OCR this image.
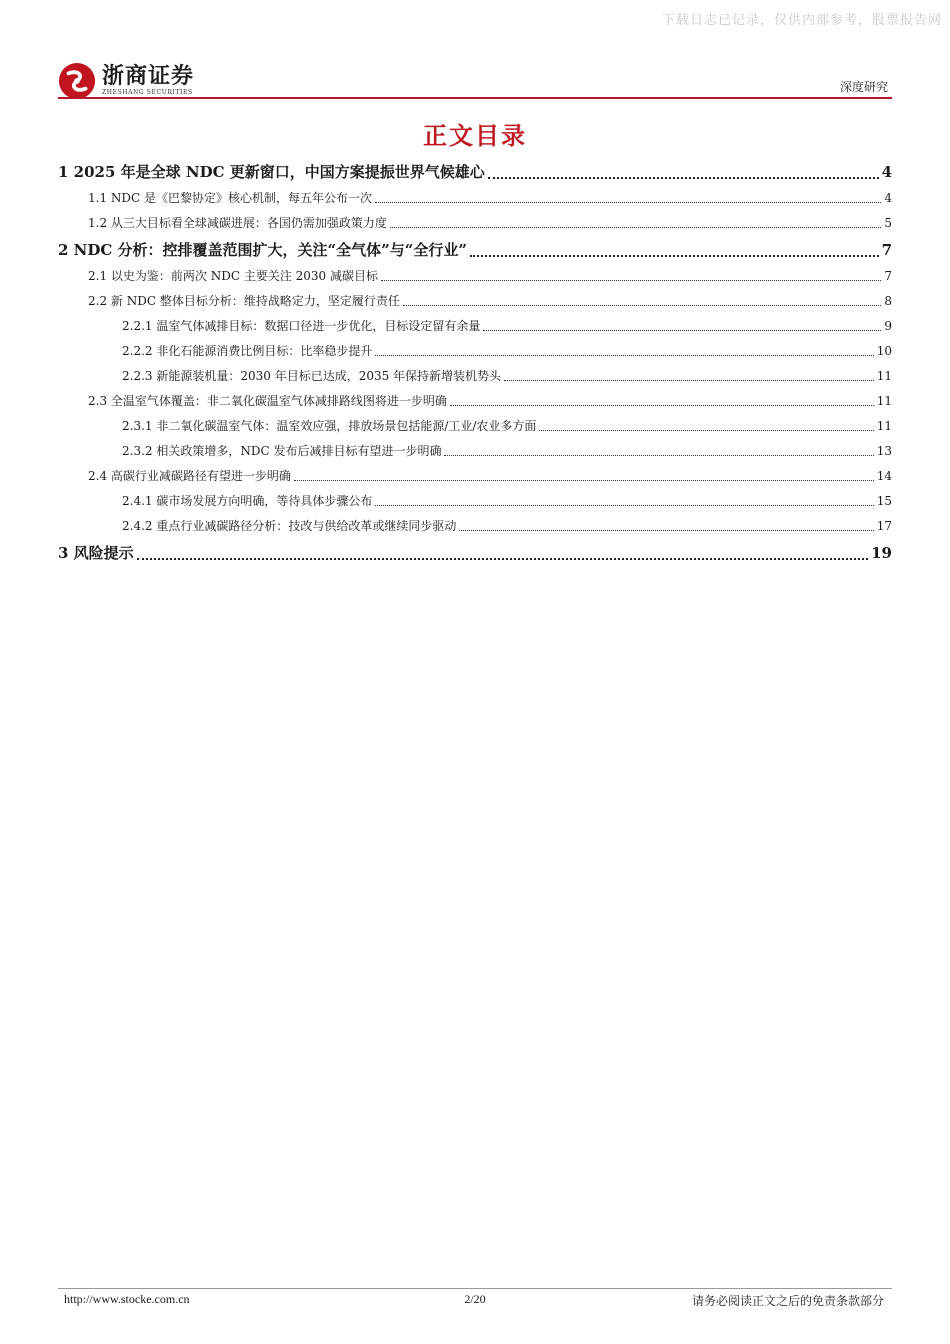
下载日志已记录，仅供内部参考，股票报告网
浙商证券
ZHESHANG SECURITIES	深度研究
正文目录
1 2025 年是全球 NDC 更新窗口，中国方案提振世界气候雄心	4
1.1 NDC 是《巴黎协定》核心机制，每五年公布一次	4
1.2 从三大目标看全球减碳进展：各国仍需加强政策力度	5
2 NDC 分析：控排覆盖范围扩大，关注“全气体”与“全行业”	7
2.1 以史为鉴：前两次 NDC 主要关注 2030 减碳目标	7
2.2 新 NDC 整体目标分析：维持战略定力，坚定履行责任	8
2.2.1 温室气体减排目标：数据口径进一步优化，目标设定留有余量	9
2.2.2 非化石能源消费比例目标：比率稳步提升	10
2.2.3 新能源装机量：2030 年目标已达成，2035 年保持新增装机势头	11
2.3 全温室气体覆盖：非二氧化碳温室气体减排路线图将进一步明确	11
2.3.1 非二氧化碳温室气体：温室效应强，排放场景包括能源/工业/农业多方面	11
2.3.2 相关政策增多，NDC 发布后减排目标有望进一步明确	13
2.4 高碳行业减碳路径有望进一步明确	14
2.4.1 碳市场发展方向明确，等待具体步骤公布	15
2.4.2 重点行业减碳路径分析：技改与供给改革或继续同步驱动	17
3 风险提示	19
http://www.stocke.com.cn	2/20	请务必阅读正文之后的免责条款部分
